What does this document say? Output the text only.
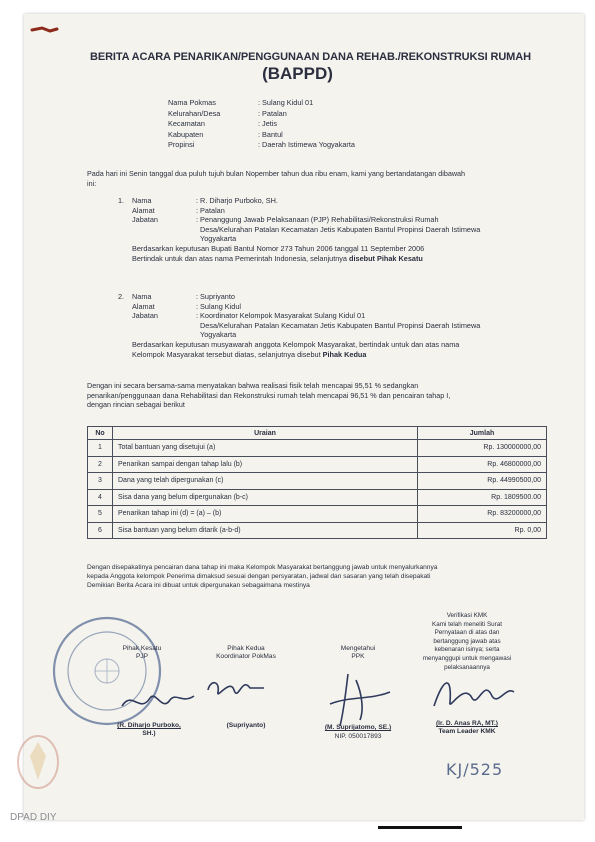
BERITA ACARA PENARIKAN/PENGGUNAAN DANA REHAB./REKONSTRUKSI RUMAH
(BAPPD)
Nama Pokmas	: Sulang Kidul 01
Kelurahan/Desa	: Patalan
Kecamatan	: Jetis
Kabupaten	: Bantul
Propinsi	: Daerah Istimewa Yogyakarta
Pada hari ini Senin tanggal dua puluh tujuh bulan Nopember tahun dua ribu enam, kami yang bertandatangan dibawah
ini:
1.	Nama	: R. Diharjo Purboko, SH.
Alamat	: Patalan
Jabatan	: Penanggung Jawab Pelaksanaan (PJP) Rehabilitasi/Rekonstruksi Rumah
Desa/Kelurahan Patalan Kecamatan Jetis Kabupaten Bantul Propinsi Daerah Istimewa
Yogyakarta
Berdasarkan keputusan Bupati Bantul Nomor 273 Tahun 2006 tanggal 11 September 2006
Bertindak untuk dan atas nama Pemerintah Indonesia, selanjutnya disebut Pihak Kesatu
2.	Nama	: Supriyanto
Alamat	: Sulang Kidul
Jabatan	: Koordinator Kelompok Masyarakat Sulang Kidul 01
Desa/Kelurahan Patalan Kecamatan Jetis Kabupaten Bantul Propinsi Daerah Istimewa
Yogyakarta
Berdasarkan keputusan musyawarah anggota Kelompok Masyarakat, bertindak untuk dan atas nama
Kelompok Masyarakat tersebut diatas, selanjutnya disebut Pihak Kedua
Dengan ini secara bersama-sama menyatakan bahwa realisasi fisik telah mencapai 95,51 % sedangkan
penarikan/penggunaan dana Rehabilitasi dan Rekonstruksi rumah telah mencapai 96,51 % dan pencairan tahap I,
dengan rincian sebagai berikut
No	Uraian	Jumlah
1	Total bantuan yang disetujui (a)	Rp. 130000000,00
2	Penarikan sampai dengan tahap lalu (b)	Rp. 46800000,00
3	Dana yang telah dipergunakan (c)	Rp. 44990500,00
4	Sisa dana yang belum dipergunakan (b-c)	Rp. 1809500.00
5	Penarikan tahap ini (d) = (a) – (b)	Rp. 83200000,00
6	Sisa bantuan yang belum ditarik (a-b-d)	Rp. 0,00
Dengan disepakatinya pencairan dana tahap ini maka Kelompok Masyarakat bertanggung jawab untuk menyalurkannya
kepada Anggota kelompok Penerima dimaksud sesuai dengan persyaratan, jadwal dan sasaran yang telah disepakati
Demikian Berita Acara ini dibuat untuk dipergunakan sebagaimana mestinya
Pihak Kesatu
PJP
(R. Diharjo Purboko,
SH.)
Pihak Kedua
Koordinator PokMas
(Supriyanto)
Mengetahui
PPK
(M. Suprijatomo, SE.)
NIP. 050017893
Verifikasi KMK
Kami telah meneliti Surat
Pernyataan di atas dan
bertanggung jawab atas
kebenaran isinya; serta
menyanggupi untuk mengawasi
pelaksanaannya
(Ir. D. Anas RA, MT.)
Team Leader KMK
KJ/525
DPAD DIY
